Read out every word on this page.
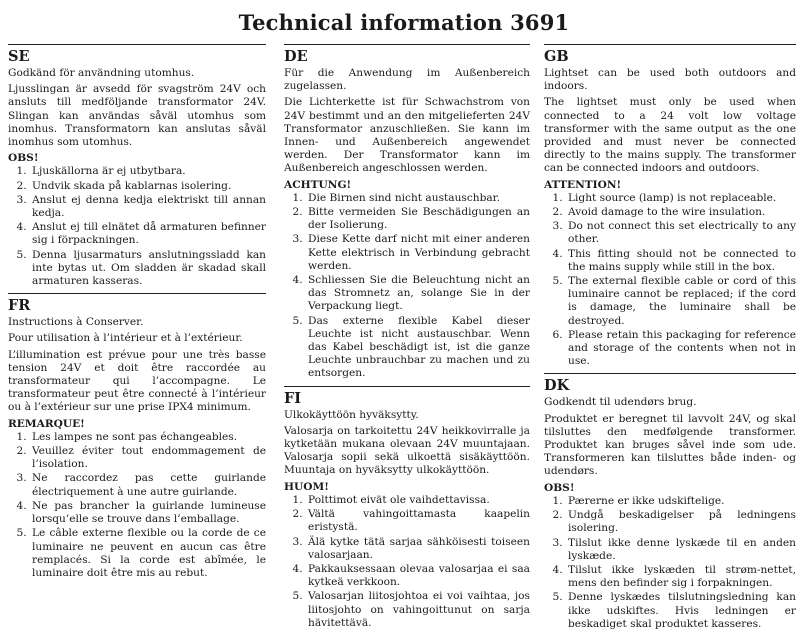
Technical information 3691
SE

Godkänd för användning utomhus.

Ljusslingan är avsedd för svagström 24V och ansluts till medföljande transformator 24V. Slingan kan användas såväl utomhus som inomhus. Transformatorn kan anslutas såväl inomhus som utomhus.

OBS!
1. Ljuskällorna är ej utbytbara.
2. Undvik skada på kablarnas isolering.
3. Anslut ej denna kedja elektriskt till annan kedja.
4. Anslut ej till elnätet då armaturen befinner sig i förpackningen.
5. Denna ljusarmaturs anslutningssladd kan inte bytas ut. Om sladden är skadad skall armaturen kasseras.
FR

Instructions à Conserver.

Pour utilisation à l’intérieur et à l’extérieur.

L’illumination est prévue pour une très basse tension 24V et doit être raccordée au transformateur qui l’accompagne. Le transformateur peut être connecté à l’intérieur ou à l’extérieur sur une prise IPX4 minimum.

REMARQUE!
1. Les lampes ne sont pas échangeables.
2. Veuillez éviter tout endommagement de l’isolation.
3. Ne raccordez pas cette guirlande électriquement à une autre guirlande.
4. Ne pas brancher la guirlande lumineuse lorsqu’elle se trouve dans l’emballage.
5. Le câble externe flexible ou la corde de ce luminaire ne peuvent en aucun cas être remplacés. Si la corde est abîmée, le luminaire doit être mis au rebut.
DE

Für die Anwendung im Außenbereich zugelassen.

Die Lichterkette ist für Schwachstrom von 24V bestimmt und an den mitgelieferten 24V Transformator anzuschließen. Sie kann im Innen- und Außenbereich angewendet werden. Der Transformator kann im Außenbereich angeschlossen werden.

ACHTUNG!
1. Die Birnen sind nicht austauschbar.
2. Bitte vermeiden Sie Beschädigungen an der Isolierung.
3. Diese Kette darf nicht mit einer anderen Kette elektrisch in Verbindung gebracht werden.
4. Schliessen Sie die Beleuchtung nicht an das Stromnetz an, solange Sie in der Verpackung liegt.
5. Das externe flexible Kabel dieser Leuchte ist nicht austauschbar. Wenn das Kabel beschädigt ist, ist die ganze Leuchte unbrauchbar zu machen und zu entsorgen.
FI

Ulkokäyttöön hyväksytty.

Valosarja on tarkoitettu 24V heikkovirralle ja kytketään mukana olevaan 24V muuntajaan. Valosarja sopii sekä ulkoettä sisäkäyttöön. Muuntaja on hyväksytty ulkokäyttöön.

HUOM!
1. Polttimot eivät ole vaihdettavissa.
2. Vältä vahingoittamasta kaapelin eristystä.
3. Älä kytke tätä sarjaa sähköisesti toiseen valosarjaan.
4. Pakkauksessaan olevaa valosarjaa ei saa kytkeä verkkoon.
5. Valosarjan liitosjohtoa ei voi vaihtaa, jos liitosjohto on vahingoittunut on sarja hävitettävä.
GB

Lightset can be used both outdoors and indoors.

The lightset must only be used when connected to a 24 volt low voltage transformer with the same output as the one provided and must never be connected directly to the mains supply. The transformer can be connected indoors and outdoors.

ATTENTION!
1. Light source (lamp) is not replaceable.
2. Avoid damage to the wire insulation.
3. Do not connect this set electrically to any other.
4. This fitting should not be connected to the mains supply while still in the box.
5. The external flexible cable or cord of this luminaire cannot be replaced; if the cord is damage, the luminaire shall be destroyed.
6. Please retain this packaging for reference and storage of the contents when not in use.
DK

Godkendt til udendørs brug.

Produktet er beregnet til lavvolt 24V, og skal tilsluttes den medfølgende transformer. Produktet kan bruges såvel inde som ude. Transformeren kan tilsluttes både inden- og udendørs.

OBS!
1. Pærerne er ikke udskiftelige.
2. Undgå beskadigelser på ledningens isolering.
3. Tilslut ikke denne lyskæde til en anden lyskæde.
4. Tilslut ikke lyskæden til strøm-nettet, mens den befinder sig i forpakningen.
5. Denne lyskædes tilslutningsledning kan ikke udskiftes. Hvis ledningen er beskadiget skal produktet kasseres.
